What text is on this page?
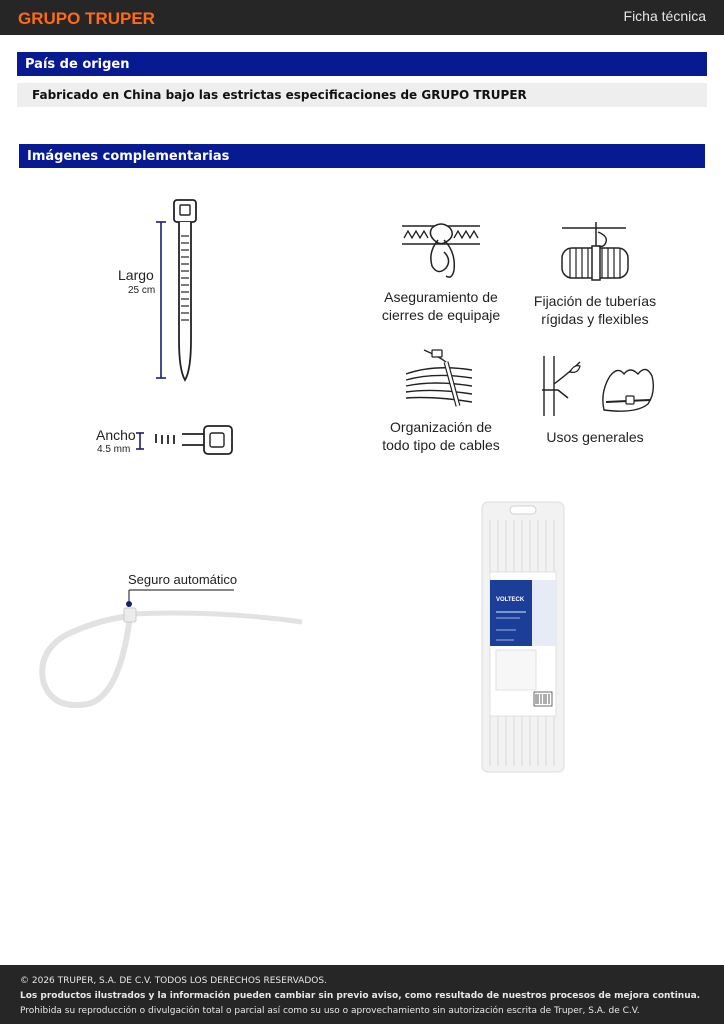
GRUPO TRUPER	Ficha técnica
País de origen
Fabricado en China bajo las estrictas especificaciones de GRUPO TRUPER
Imágenes complementarias
Largo
25 cm
Ancho
4.5 mm
Aseguramiento de
cierres de equipaje
Fijación de tuberías
rígidas y flexibles
Organización de
todo tipo de cables	Usos generales
Seguro automático
VOLTECK
© 2026 TRUPER, S.A. DE C.V. TODOS LOS DERECHOS RESERVADOS.
Los productos ilustrados y la información pueden cambiar sin previo aviso, como resultado de nuestros procesos de mejora continua.
Prohibida su reproducción o divulgación total o parcial así como su uso o aprovechamiento sin autorización escrita de Truper, S.A. de C.V.
